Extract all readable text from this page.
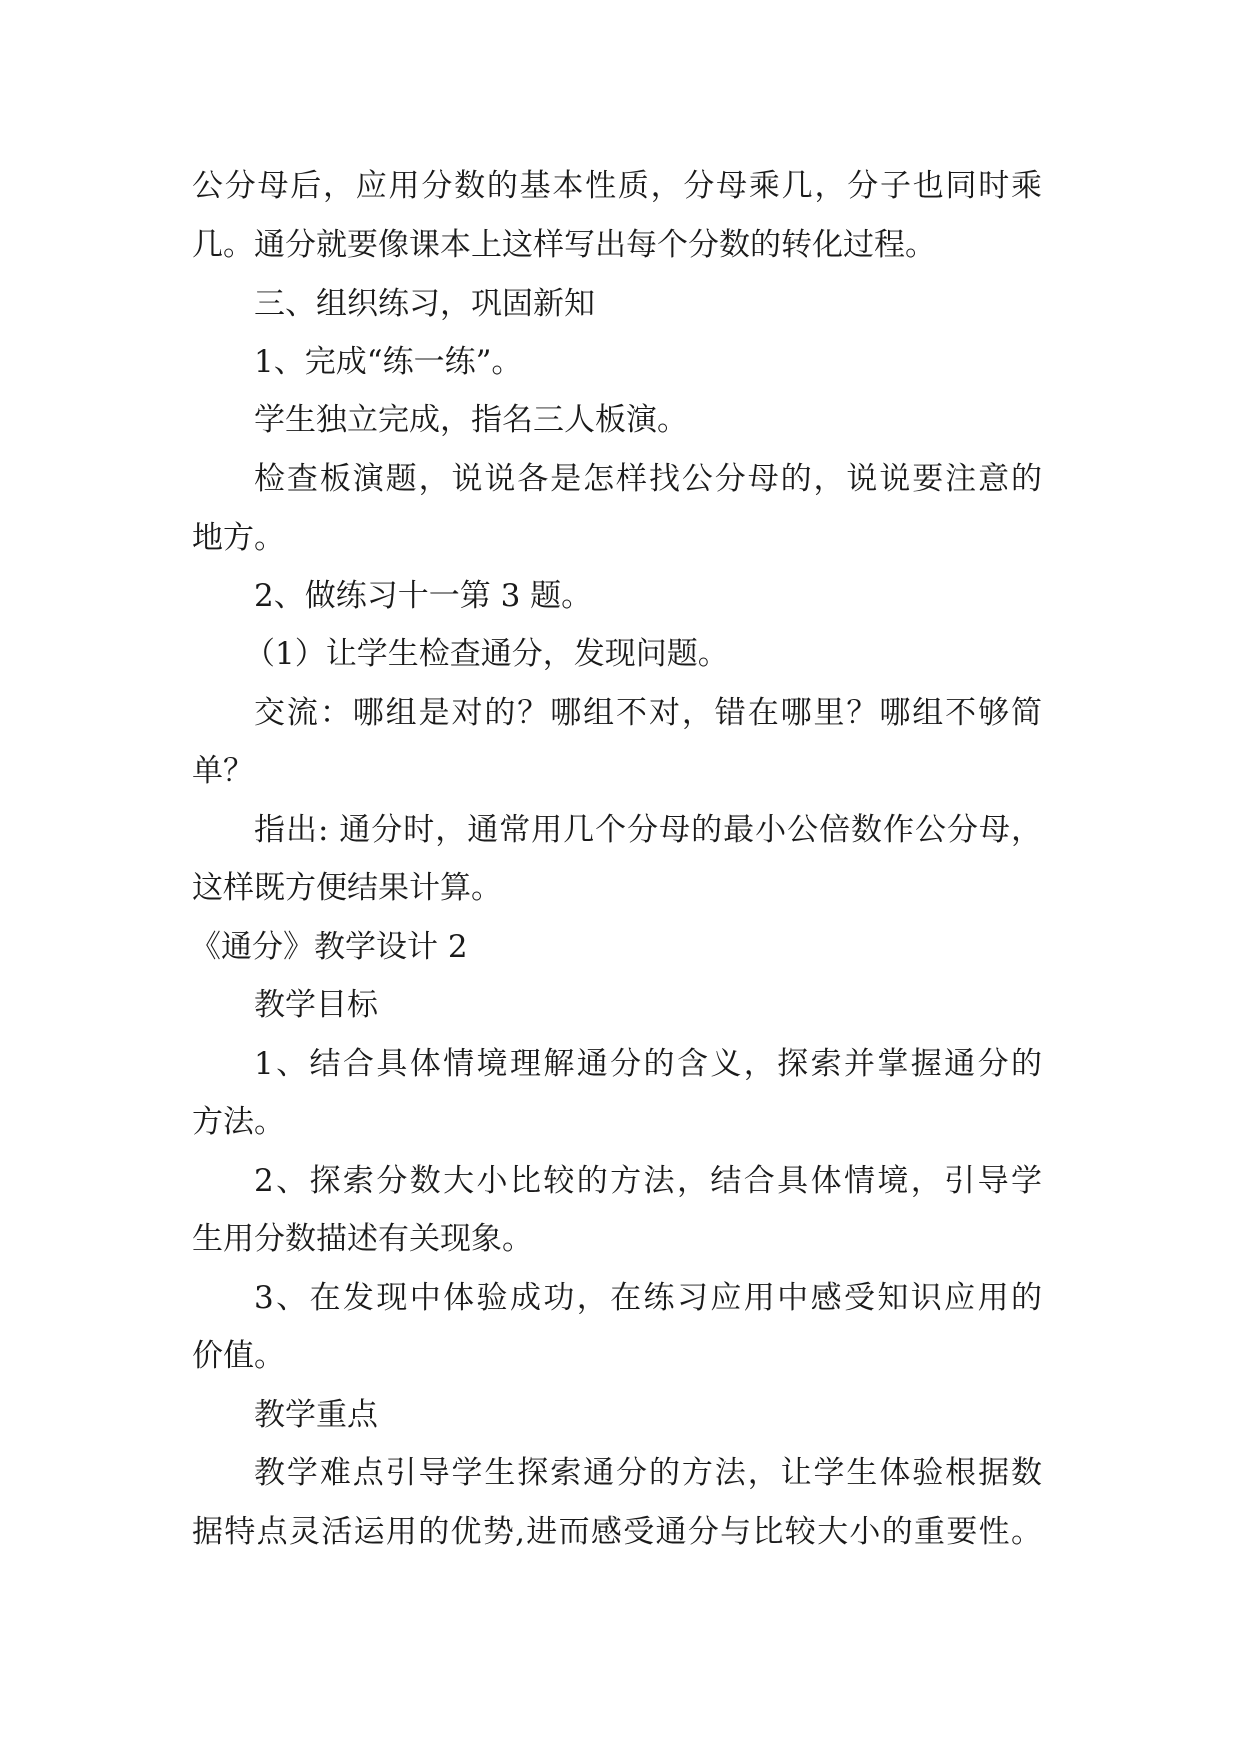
公分母后，应用分数的基本性质，分母乘几，分子也同时乘
几。通分就要像课本上这样写出每个分数的转化过程。
三、组织练习，巩固新知
1、完成“练一练”。
学生独立完成，指名三人板演。
检查板演题，说说各是怎样找公分母的，说说要注意的
地方。
2、做练习十一第 3 题。
（1）让学生检查通分，发现问题。
交流：哪组是对的？哪组不对，错在哪里？哪组不够简
单？
指出: 通分时，通常用几个分母的最小公倍数作公分母，
这样既方便结果计算。
《通分》教学设计 2
教学目标
1、结合具体情境理解通分的含义，探索并掌握通分的
方法。
2、探索分数大小比较的方法，结合具体情境，引导学
生用分数描述有关现象。
3、在发现中体验成功，在练习应用中感受知识应用的
价值。
教学重点
教学难点引导学生探索通分的方法，让学生体验根据数
据特点灵活运用的优势,进而感受通分与比较大小的重要性。
